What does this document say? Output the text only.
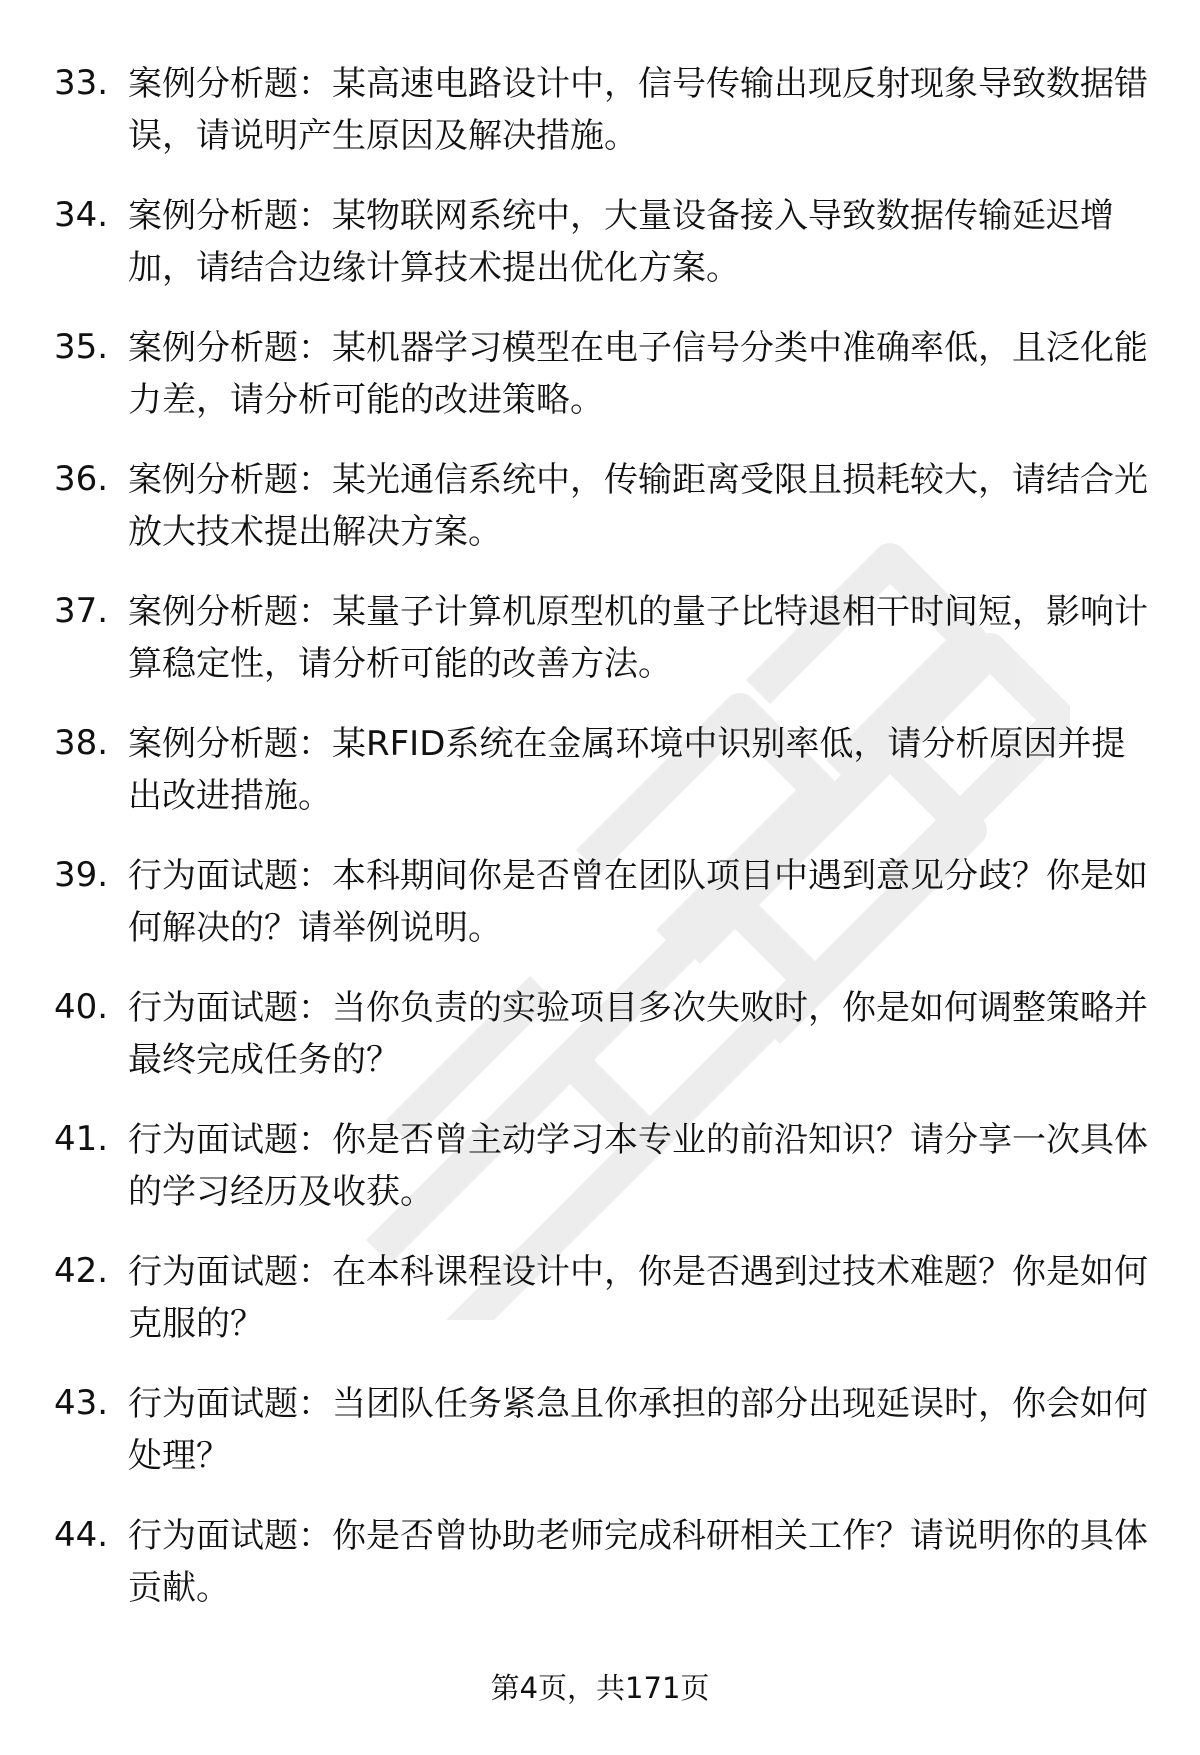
33. 案例分析题：某高速电路设计中，信号传输出现反射现象导致数据错误，请说明产生原因及解决措施。
34. 案例分析题：某物联网系统中，大量设备接入导致数据传输延迟增加，请结合边缘计算技术提出优化方案。
35. 案例分析题：某机器学习模型在电子信号分类中准确率低，且泛化能力差，请分析可能的改进策略。
36. 案例分析题：某光通信系统中，传输距离受限且损耗较大，请结合光放大技术提出解决方案。
37. 案例分析题：某量子计算机原型机的量子比特退相干时间短，影响计算稳定性，请分析可能的改善方法。
38. 案例分析题：某RFID系统在金属环境中识别率低，请分析原因并提出改进措施。
39. 行为面试题：本科期间你是否曾在团队项目中遇到意见分歧？你是如何解决的？请举例说明。
40. 行为面试题：当你负责的实验项目多次失败时，你是如何调整策略并最终完成任务的？
41. 行为面试题：你是否曾主动学习本专业的前沿知识？请分享一次具体的学习经历及收获。
42. 行为面试题：在本科课程设计中，你是否遇到过技术难题？你是如何克服的？
43. 行为面试题：当团队任务紧急且你承担的部分出现延误时，你会如何处理？
44. 行为面试题：你是否曾协助老师完成科研相关工作？请说明你的具体贡献。
第4页，共171页
